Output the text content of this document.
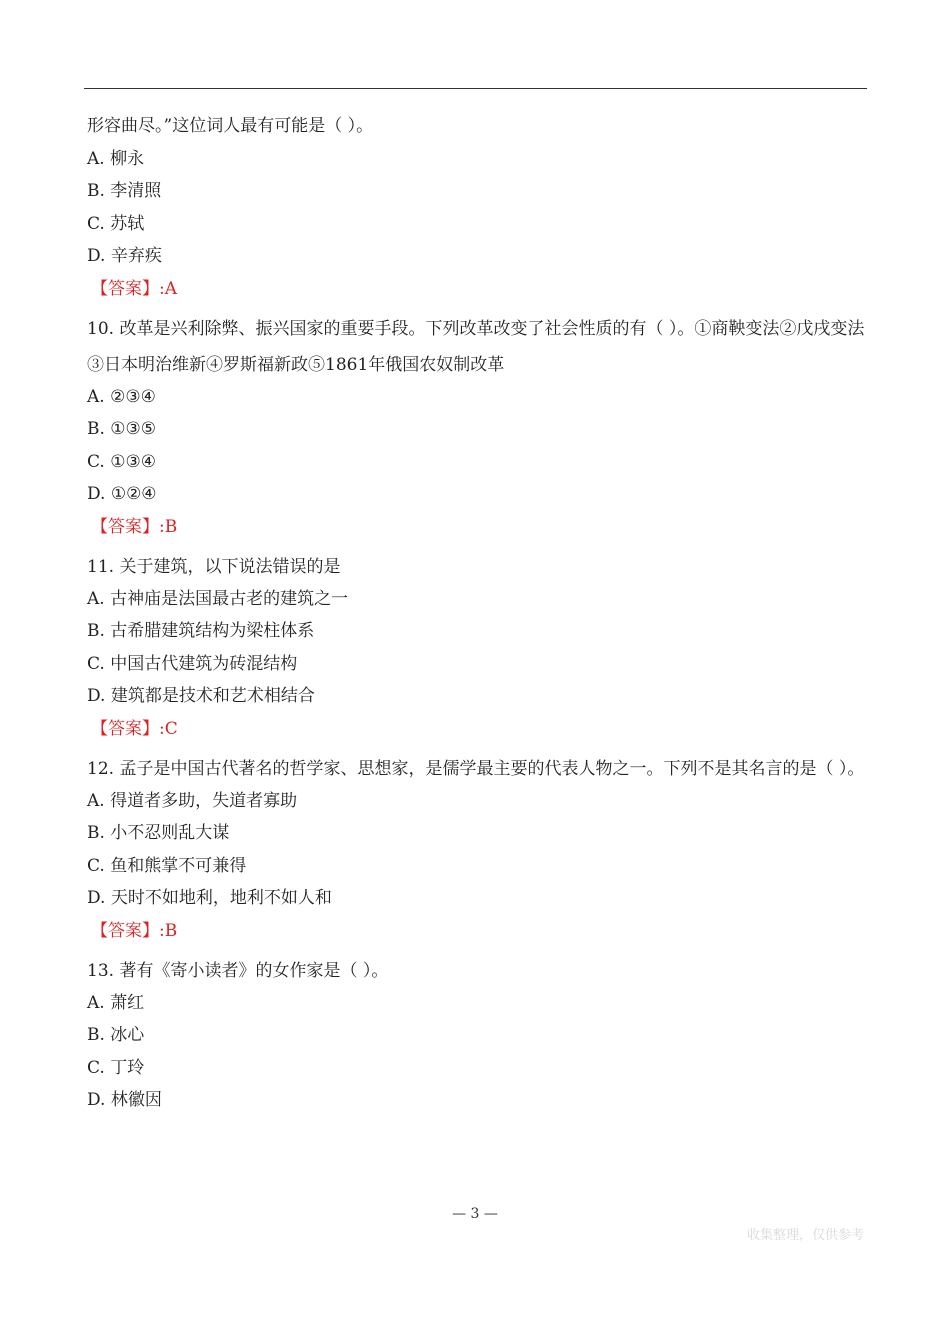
形容曲尽。”这位词人最有可能是（ ）。
A. 柳永
B. 李清照
C. 苏轼
D. 辛弃疾
【答案】:A
10. 改革是兴利除弊、振兴国家的重要手段。下列改革改变了社会性质的有（ ）。①商鞅变法②戊戌变法③日本明治维新④罗斯福新政⑤1861年俄国农奴制改革
A. ②③④
B. ①③⑤
C. ①③④
D. ①②④
【答案】:B
11. 关于建筑，以下说法错误的是
A. 古神庙是法国最古老的建筑之一
B. 古希腊建筑结构为梁柱体系
C. 中国古代建筑为砖混结构
D. 建筑都是技术和艺术相结合
【答案】:C
12. 孟子是中国古代著名的哲学家、思想家，是儒学最主要的代表人物之一。下列不是其名言的是（ ）。
A. 得道者多助，失道者寡助
B. 小不忍则乱大谋
C. 鱼和熊掌不可兼得
D. 天时不如地利，地利不如人和
【答案】:B
13. 著有《寄小读者》的女作家是（ ）。
A. 萧红
B. 冰心
C. 丁玲
D. 林徽因
— 3 —
收集整理，仅供参考
